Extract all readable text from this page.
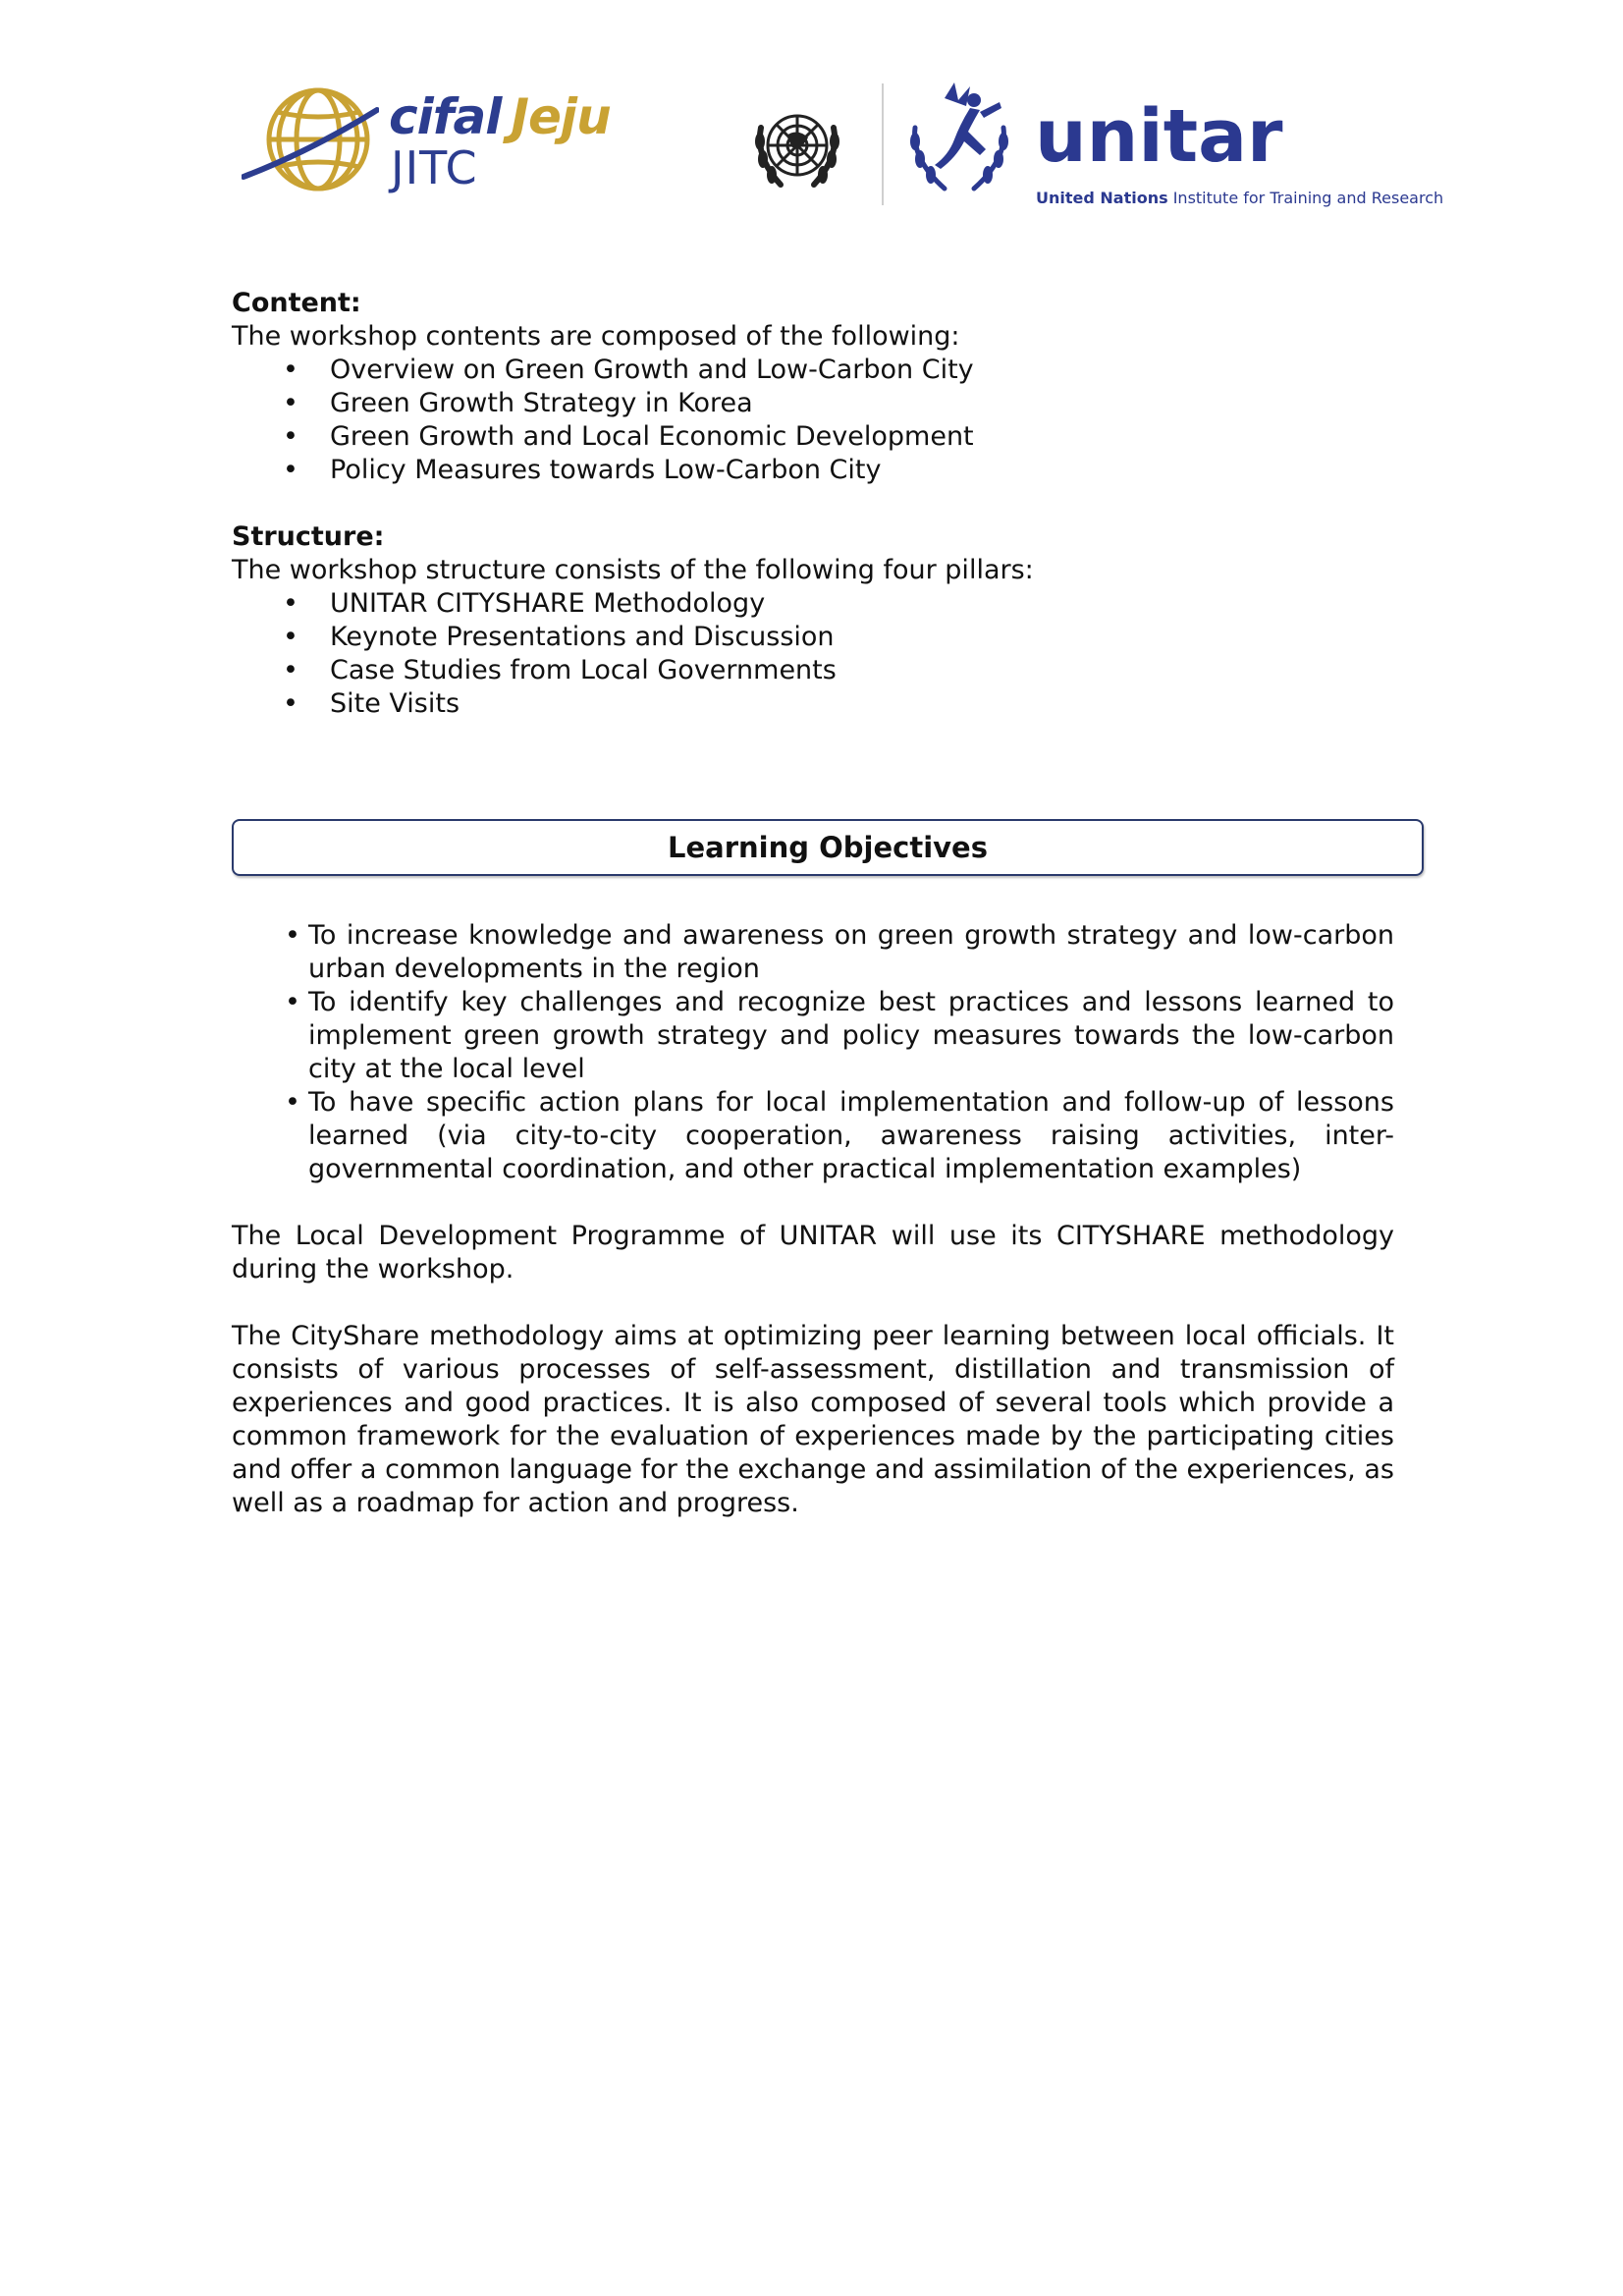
cifal Jeju
JITC	unitar
United Nations Institute for Training and Research
Content:
The workshop contents are composed of the following:
• Overview on Green Growth and Low-Carbon City
• Green Growth Strategy in Korea
• Green Growth and Local Economic Development
• Policy Measures towards Low-Carbon City
Structure:
The workshop structure consists of the following four pillars:
• UNITAR CITYSHARE Methodology
• Keynote Presentations and Discussion
• Case Studies from Local Governments
• Site Visits
Learning Objectives
• To increase knowledge and awareness on green growth strategy and low-carbon urban developments in the region
• To identify key challenges and recognize best practices and lessons learned to implement green growth strategy and policy measures towards the low-carbon city at the local level
• To have specific action plans for local implementation and follow-up of lessons learned (via city-to-city cooperation, awareness raising activities, inter-governmental coordination, and other practical implementation examples)

The Local Development Programme of UNITAR will use its CITYSHARE methodology during the workshop.

The CityShare methodology aims at optimizing peer learning between local officials. It consists of various processes of self-assessment, distillation and transmission of experiences and good practices. It is also composed of several tools which provide a common framework for the evaluation of experiences made by the participating cities and offer a common language for the exchange and assimilation of the experiences, as well as a roadmap for action and progress.
